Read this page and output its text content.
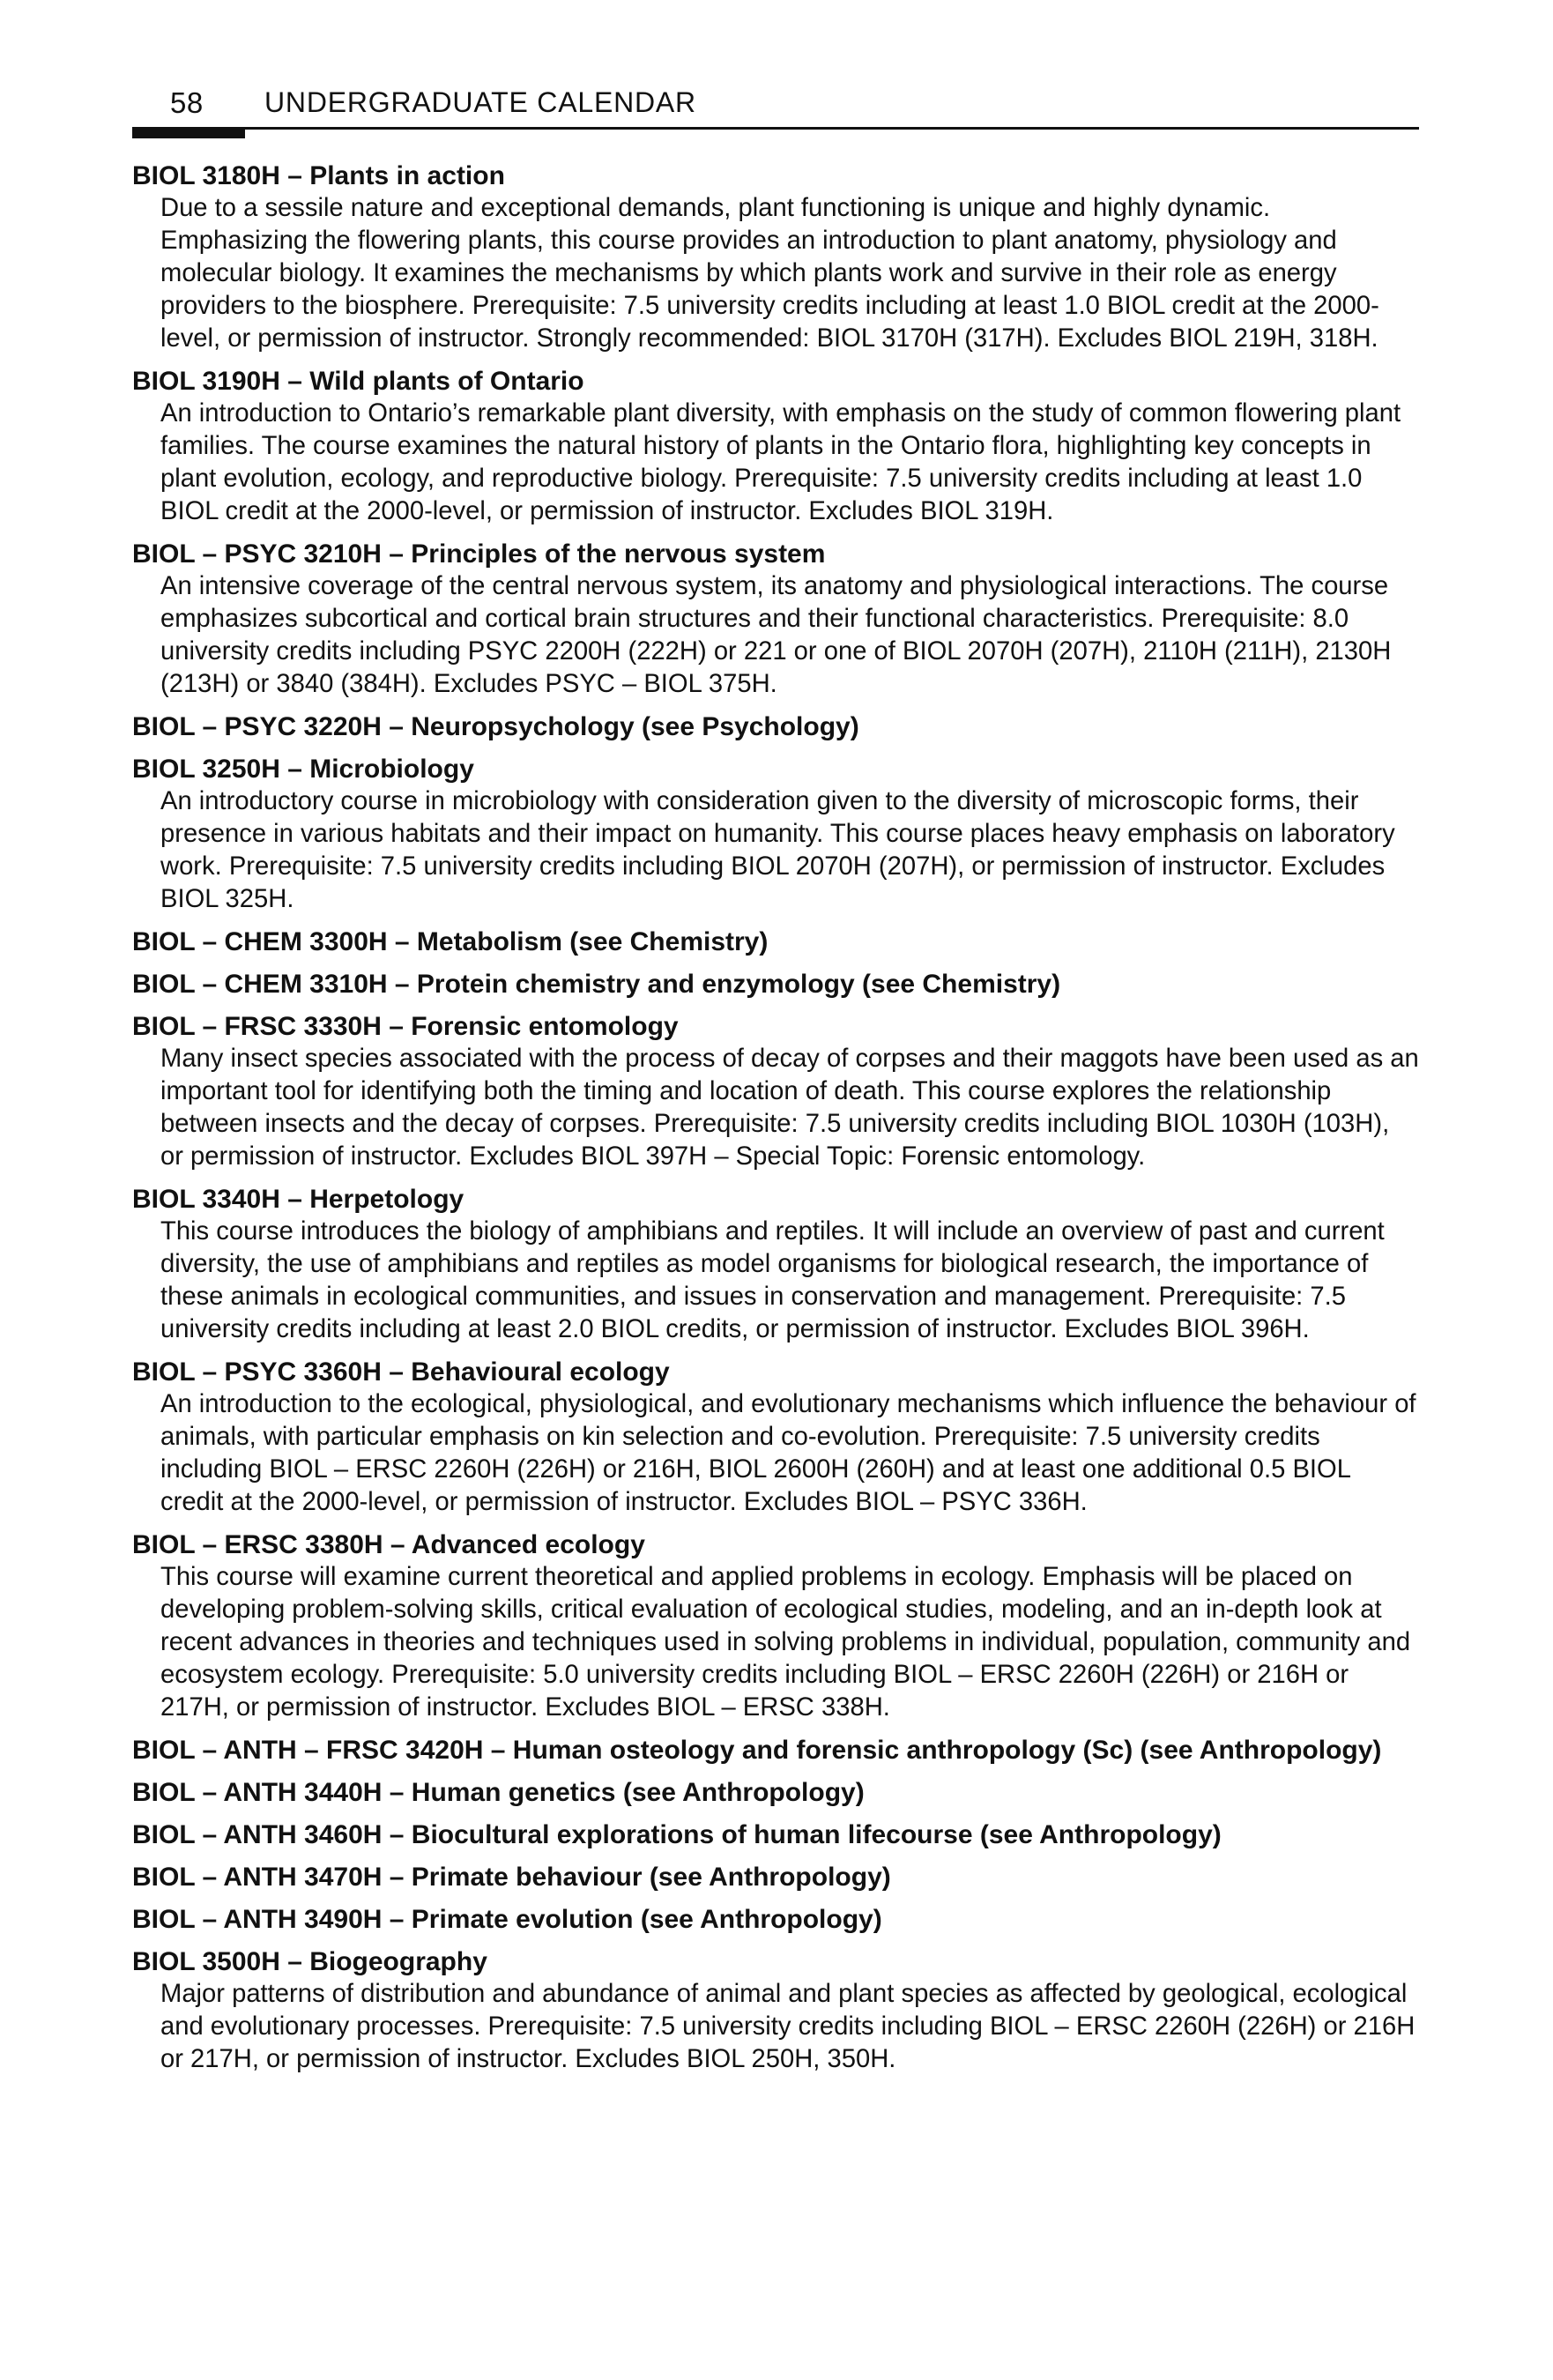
58 UNDERGRADUATE CALENDAR
BIOL 3180H – Plants in action
Due to a sessile nature and exceptional demands, plant functioning is unique and highly dynamic. Emphasizing the flowering plants, this course provides an introduction to plant anatomy, physiology and molecular biology. It examines the mechanisms by which plants work and survive in their role as energy providers to the biosphere. Prerequisite: 7.5 university credits including at least 1.0 BIOL credit at the 2000-level, or permission of instructor. Strongly recommended: BIOL 3170H (317H). Excludes BIOL 219H, 318H.
BIOL 3190H – Wild plants of Ontario
An introduction to Ontario’s remarkable plant diversity, with emphasis on the study of common flowering plant families. The course examines the natural history of plants in the Ontario flora, highlighting key concepts in plant evolution, ecology, and reproductive biology. Prerequisite: 7.5 university credits including at least 1.0 BIOL credit at the 2000-level, or permission of instructor. Excludes BIOL 319H.
BIOL – PSYC 3210H – Principles of the nervous system
An intensive coverage of the central nervous system, its anatomy and physiological interactions. The course emphasizes subcortical and cortical brain structures and their functional characteristics. Prerequisite: 8.0 university credits including PSYC 2200H (222H) or 221 or one of BIOL 2070H (207H), 2110H (211H), 2130H (213H) or 3840 (384H). Excludes PSYC – BIOL 375H.
BIOL – PSYC 3220H – Neuropsychology (see Psychology)
BIOL 3250H – Microbiology
An introductory course in microbiology with consideration given to the diversity of microscopic forms, their presence in various habitats and their impact on humanity. This course places heavy emphasis on laboratory work. Prerequisite: 7.5 university credits including BIOL 2070H (207H), or permission of instructor. Excludes BIOL 325H.
BIOL – CHEM 3300H – Metabolism (see Chemistry)
BIOL – CHEM 3310H – Protein chemistry and enzymology (see Chemistry)
BIOL – FRSC 3330H – Forensic entomology
Many insect species associated with the process of decay of corpses and their maggots have been used as an important tool for identifying both the timing and location of death. This course explores the relationship between insects and the decay of corpses. Prerequisite: 7.5 university credits including BIOL 1030H (103H), or permission of instructor. Excludes BIOL 397H – Special Topic: Forensic entomology.
BIOL 3340H – Herpetology
This course introduces the biology of amphibians and reptiles. It will include an overview of past and current diversity, the use of amphibians and reptiles as model organisms for biological research, the importance of these animals in ecological communities, and issues in conservation and management. Prerequisite: 7.5 university credits including at least 2.0 BIOL credits, or permission of instructor. Excludes BIOL 396H.
BIOL – PSYC 3360H – Behavioural ecology
An introduction to the ecological, physiological, and evolutionary mechanisms which influence the behaviour of animals, with particular emphasis on kin selection and co-evolution. Prerequisite: 7.5 university credits including BIOL – ERSC 2260H (226H) or 216H, BIOL 2600H (260H) and at least one additional 0.5 BIOL credit at the 2000-level, or permission of instructor. Excludes BIOL – PSYC 336H.
BIOL – ERSC 3380H – Advanced ecology
This course will examine current theoretical and applied problems in ecology. Emphasis will be placed on developing problem-solving skills, critical evaluation of ecological studies, modeling, and an in-depth look at recent advances in theories and techniques used in solving problems in individual, population, community and ecosystem ecology. Prerequisite: 5.0 university credits including BIOL – ERSC 2260H (226H) or 216H or 217H, or permission of instructor. Excludes BIOL – ERSC 338H.
BIOL – ANTH – FRSC 3420H – Human osteology and forensic anthropology (Sc) (see Anthropology)
BIOL – ANTH 3440H – Human genetics (see Anthropology)
BIOL – ANTH 3460H – Biocultural explorations of human lifecourse (see Anthropology)
BIOL – ANTH 3470H – Primate behaviour (see Anthropology)
BIOL – ANTH 3490H – Primate evolution (see Anthropology)
BIOL 3500H – Biogeography
Major patterns of distribution and abundance of animal and plant species as affected by geological, ecological and evolutionary processes. Prerequisite: 7.5 university credits including BIOL – ERSC 2260H (226H) or 216H or 217H, or permission of instructor. Excludes BIOL 250H, 350H.
